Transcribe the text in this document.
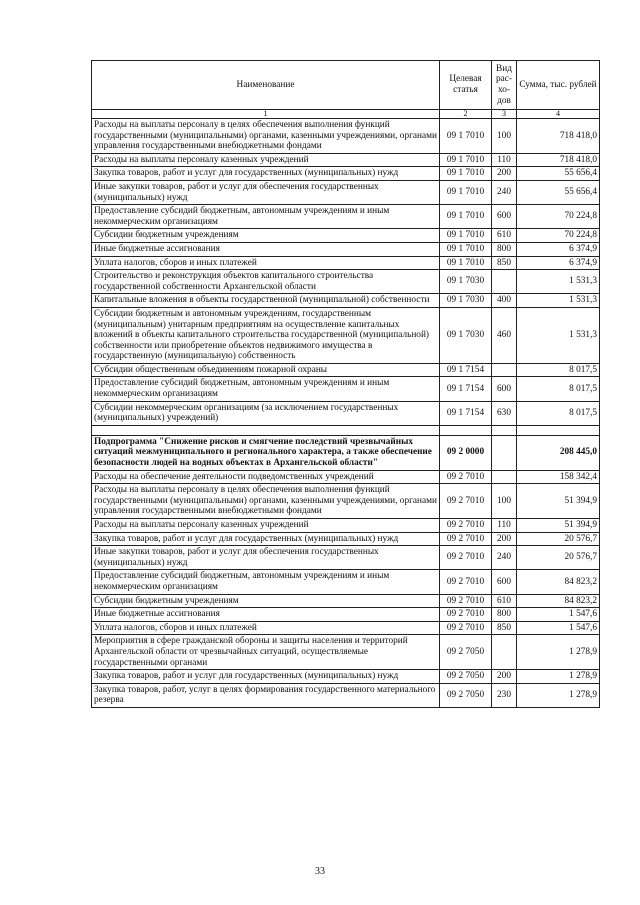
Наименование	Целевая статья	Вид рас-хо-дов	Сумма, тыс. рублей
1	2	3	4
Расходы на выплаты персоналу в целях обеспечения выполнения функций государственными (муниципальными) органами, казенными учреждениями, органами управления государственными внебюджетными фондами	09 1 7010	100	718 418,0
Расходы на выплаты персоналу казенных учреждений	09 1 7010	110	718 418,0
Закупка товаров, работ и услуг для государственных (муниципальных) нужд	09 1 7010	200	55 656,4
Иные закупки товаров, работ и услуг для обеспечения государственных (муниципальных) нужд	09 1 7010	240	55 656,4
Предоставление субсидий бюджетным, автономным учреждениям и иным некоммерческим организациям	09 1 7010	600	70 224,8
Субсидии бюджетным учреждениям	09 1 7010	610	70 224,8
Иные бюджетные ассигнования	09 1 7010	800	6 374,9
Уплата налогов, сборов и иных платежей	09 1 7010	850	6 374,9
Строительство и реконструкция объектов капитального строительства государственной собственности Архангельской области	09 1 7030		1 531,3
Капитальные вложения в объекты государственной (муниципальной) собственности	09 1 7030	400	1 531,3
Субсидии бюджетным и автономным учреждениям, государственным (муниципальным) унитарным предприятиям на осуществление капитальных вложений в объекты капитального строительства государственной (муниципальной) собственности или приобретение объектов недвижимого имущества в государственную (муниципальную) собственность	09 1 7030	460	1 531,3
Субсидии общественным объединениям пожарной охраны	09 1 7154		8 017,5
Предоставление субсидий бюджетным, автономным учреждениям и иным некоммерческим организациям	09 1 7154	600	8 017,5
Субсидии некоммерческим организациям (за исключением государственных (муниципальных) учреждений)	09 1 7154	630	8 017,5

Подпрограмма "Снижение рисков и смягчение последствий чрезвычайных ситуаций межмуниципального и регионального характера, а также обеспечение безопасности людей на водных объектах в Архангельской области"	09 2 0000		208 445,0
Расходы на обеспечение деятельности подведомственных учреждений	09 2 7010		158 342,4
Расходы на выплаты персоналу в целях обеспечения выполнения функций государственными (муниципальными) органами, казенными учреждениями, органами управления государственными внебюджетными фондами	09 2 7010	100	51 394,9
Расходы на выплаты персоналу казенных учреждений	09 2 7010	110	51 394,9
Закупка товаров, работ и услуг для государственных (муниципальных) нужд	09 2 7010	200	20 576,7
Иные закупки товаров, работ и услуг для обеспечения государственных (муниципальных) нужд	09 2 7010	240	20 576,7
Предоставление субсидий бюджетным, автономным учреждениям и иным некоммерческим организациям	09 2 7010	600	84 823,2
Субсидии бюджетным учреждениям	09 2 7010	610	84 823,2
Иные бюджетные ассигнования	09 2 7010	800	1 547,6
Уплата налогов, сборов и иных платежей	09 2 7010	850	1 547,6
Мероприятия в сфере гражданской обороны и защиты населения и территорий Архангельской области от чрезвычайных ситуаций, осуществляемые государственными органами	09 2 7050		1 278,9
Закупка товаров, работ и услуг для государственных (муниципальных) нужд	09 2 7050	200	1 278,9
Закупка товаров, работ, услуг в целях формирования государственного материального резерва	09 2 7050	230	1 278,9
33
